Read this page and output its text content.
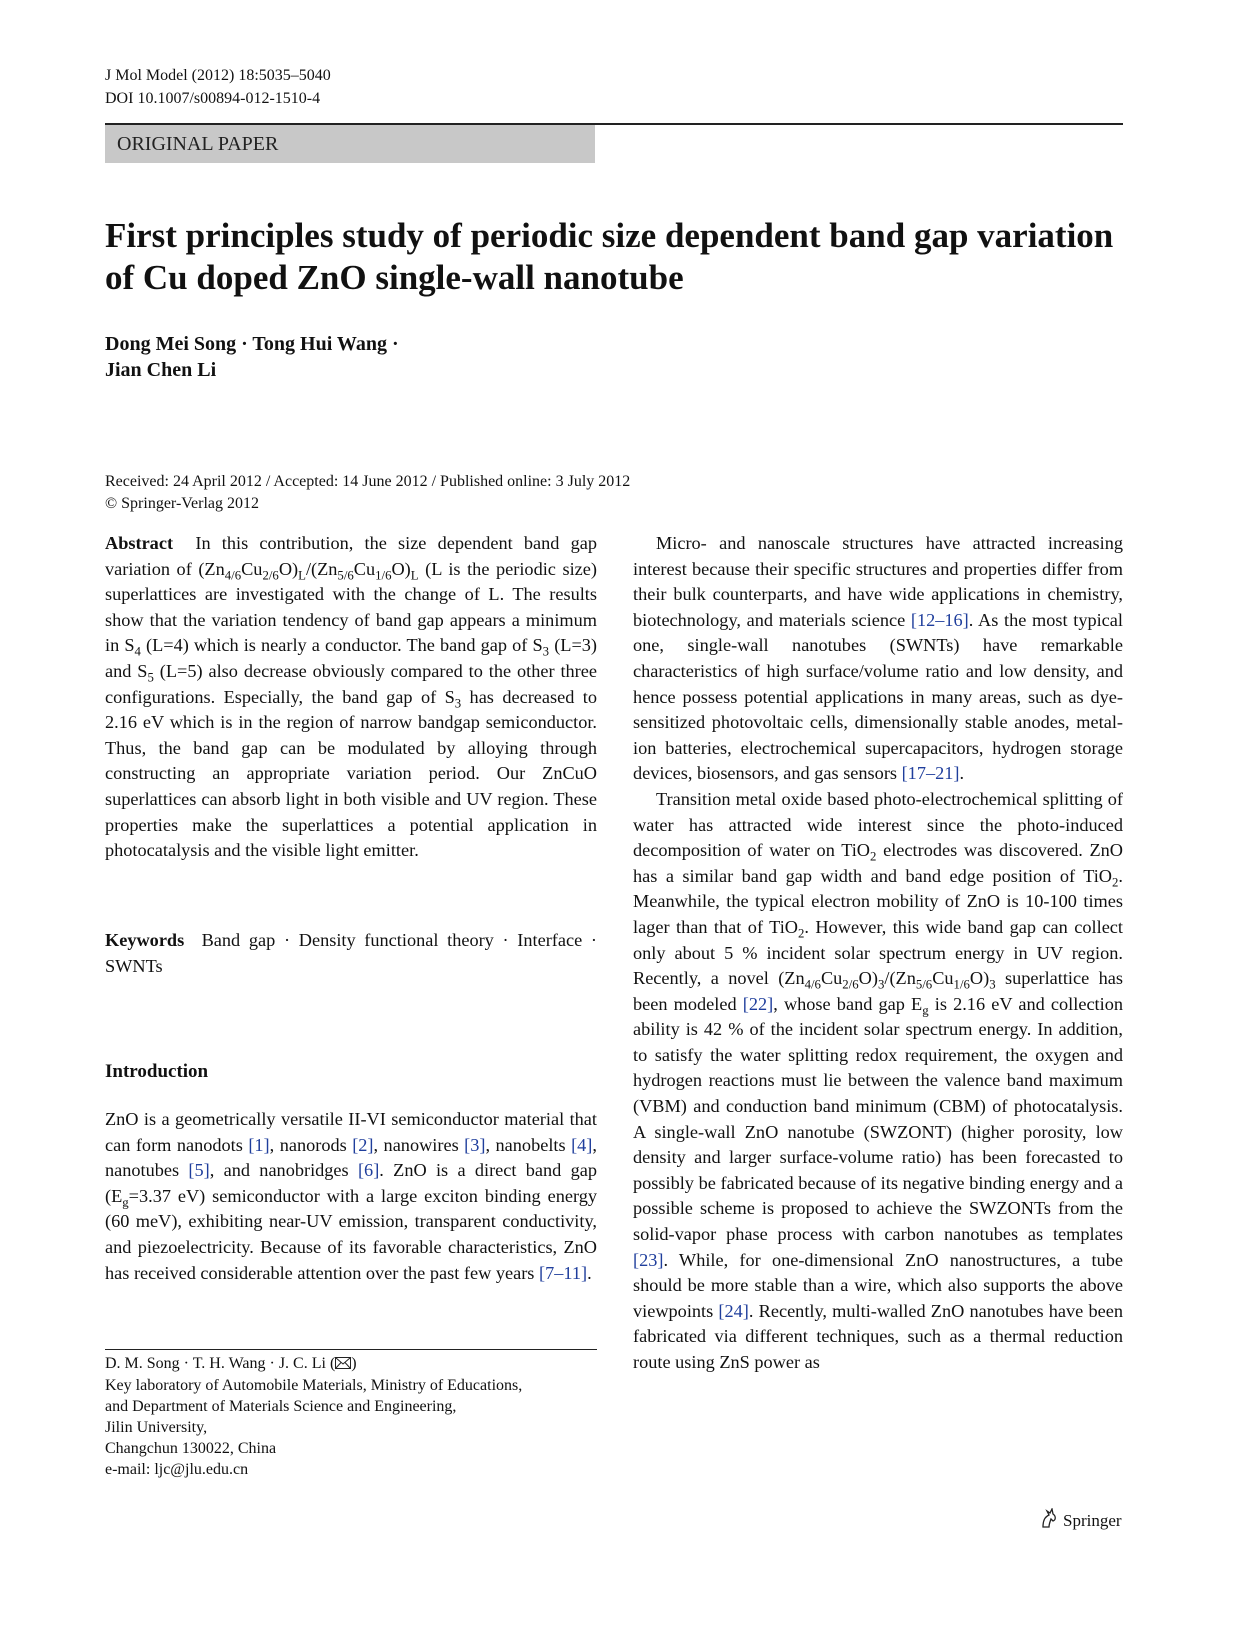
J Mol Model (2012) 18:5035–5040
DOI 10.1007/s00894-012-1510-4
ORIGINAL PAPER
First principles study of periodic size dependent band gap variation of Cu doped ZnO single-wall nanotube
Dong Mei Song · Tong Hui Wang ·
Jian Chen Li
Received: 24 April 2012 / Accepted: 14 June 2012 / Published online: 3 July 2012
© Springer-Verlag 2012

Abstract In this contribution, the size dependent band gap variation of $(Zn_{4/6}Cu_{2/6}O)_L/(Zn_{5/6}Cu_{1/6}O)_L$ (L is the periodic size) superlattices are investigated with the change of L. The results show that the variation tendency of band gap appears a minimum in $S_4$ (L=4) which is nearly a conductor. The band gap of $S_3$ (L=3) and $S_5$ (L=5) also decrease obviously compared to the other three configurations. Especially, the band gap of $S_3$ has decreased to 2.16 eV which is in the region of narrow bandgap semiconductor. Thus, the band gap can be modulated by alloying through constructing an appropriate variation period. Our ZnCuO superlattices can absorb light in both visible and UV region. These properties make the superlattices a potential application in photocatalysis and the visible light emitter.

Keywords Band gap · Density functional theory · Interface · SWNTs

Introduction

ZnO is a geometrically versatile II-VI semiconductor material that can form nanodots [1], nanorods [2], nanowires [3], nanobelts [4], nanotubes [5], and nanobridges [6]. ZnO is a direct band gap ($E_g=3.37$ eV) semiconductor with a large exciton binding energy (60 meV), exhibiting near-UV emission, transparent conductivity, and piezoelectricity. Because of its favorable characteristics, ZnO has received considerable attention over the past few years [7–11].

D. M. Song · T. H. Wang · J. C. Li ( )
Key laboratory of Automobile Materials, Ministry of Educations,
and Department of Materials Science and Engineering,
Jilin University,
Changchun 130022, China
e-mail: ljc@jlu.edu.cn

Micro- and nanoscale structures have attracted increasing interest because their specific structures and properties differ from their bulk counterparts, and have wide applications in chemistry, biotechnology, and materials science [12–16]. As the most typical one, single-wall nanotubes (SWNTs) have remarkable characteristics of high surface/volume ratio and low density, and hence possess potential applications in many areas, such as dye-sensitized photovoltaic cells, dimensionally stable anodes, metal-ion batteries, electrochemical supercapacitors, hydrogen storage devices, biosensors, and gas sensors [17–21].

Transition metal oxide based photo-electrochemical splitting of water has attracted wide interest since the photo-induced decomposition of water on TiO$_2$ electrodes was discovered. ZnO has a similar band gap width and band edge position of TiO$_2$. Meanwhile, the typical electron mobility of ZnO is 10-100 times lager than that of TiO$_2$. However, this wide band gap can collect only about 5 % incident solar spectrum energy in UV region. Recently, a novel $(Zn_{4/6}Cu_{2/6}O)_3/(Zn_{5/6}Cu_{1/6}O)_3$ superlattice has been modeled [22], whose band gap $E_g$ is 2.16 eV and collection ability is 42 % of the incident solar spectrum energy. In addition, to satisfy the water splitting redox requirement, the oxygen and hydrogen reactions must lie between the valence band maximum (VBM) and conduction band minimum (CBM) of photocatalysis. A single-wall ZnO nanotube (SWZONT) (higher porosity, low density and larger surface-volume ratio) has been forecasted to possibly be fabricated because of its negative binding energy and a possible scheme is proposed to achieve the SWZONTs from the solid-vapor phase process with carbon nanotubes as templates [23]. While, for one-dimensional ZnO nanostructures, a tube should be more stable than a wire, which also supports the above viewpoints [24]. Recently, multi-walled ZnO nanotubes have been fabricated via different techniques, such as a thermal reduction route using ZnS power as

Springer
